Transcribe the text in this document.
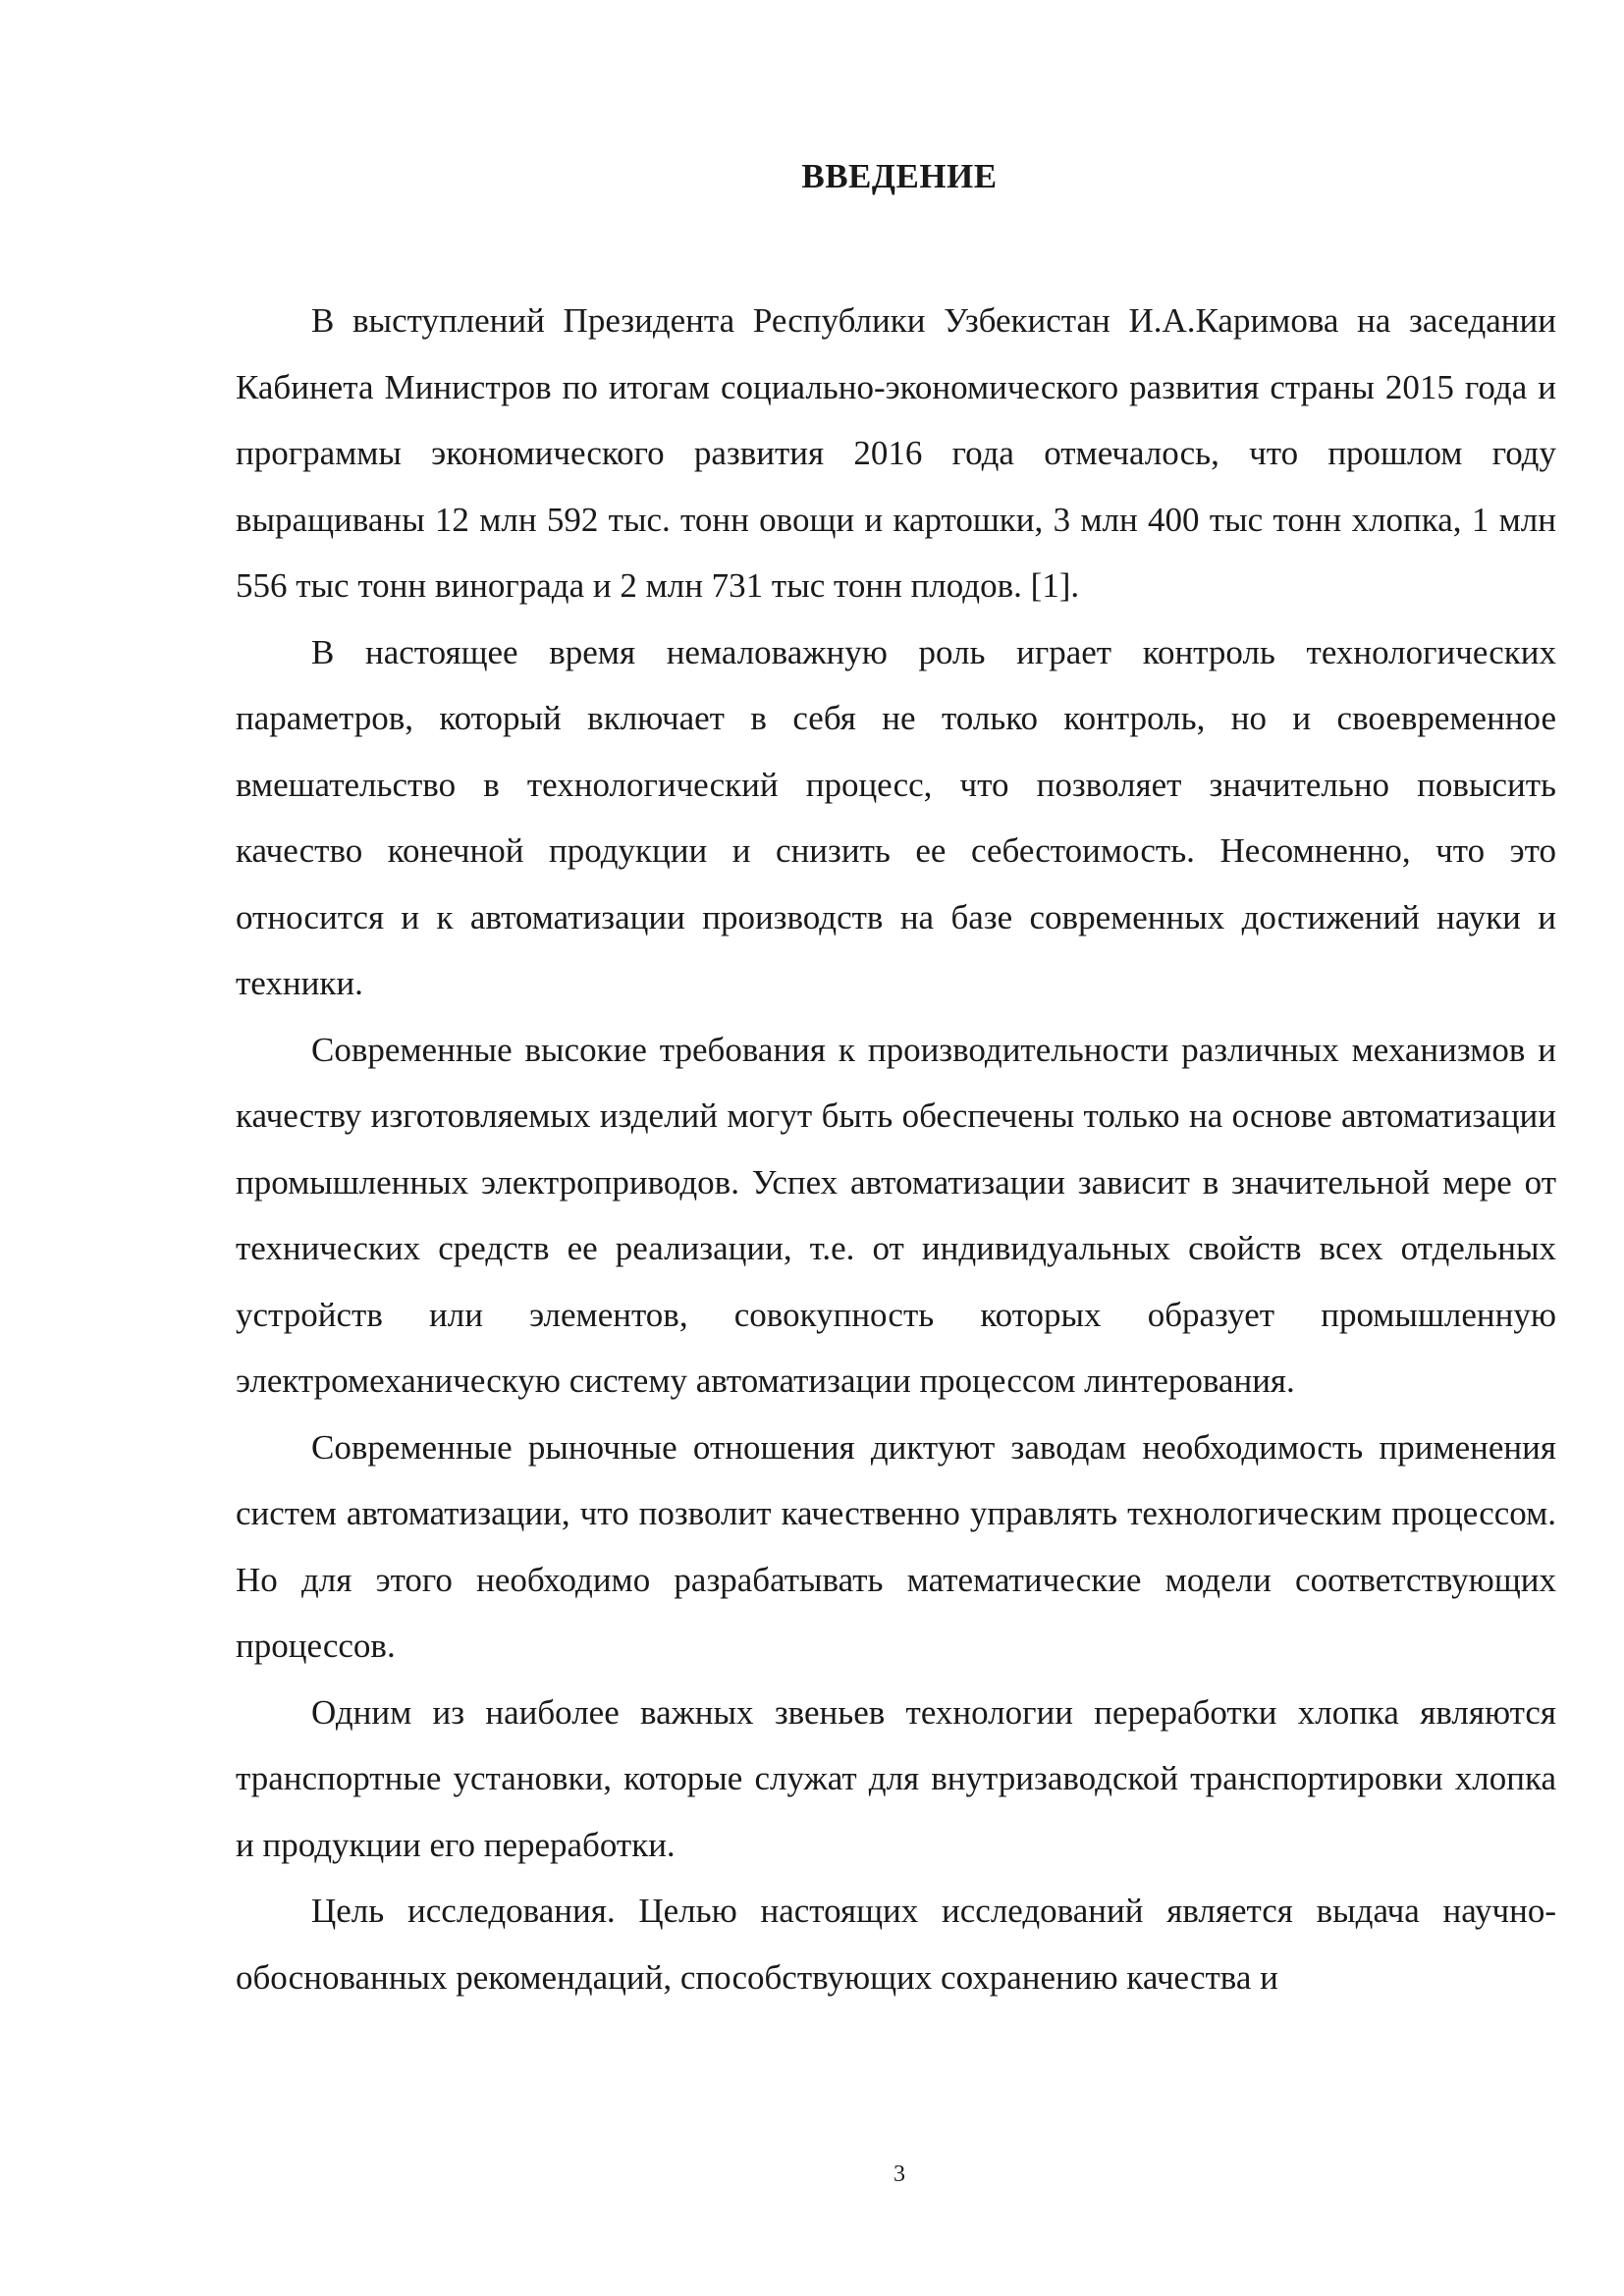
ВВЕДЕНИЕ

В выступлений Президента Республики Узбекистан И.А.Каримова на заседании Кабинета Министров по итогам социально-экономического развития страны 2015 года и программы экономического развития 2016 года отмечалось, что прошлом году выращиваны 12 млн 592 тыс. тонн овощи и картошки, 3 млн 400 тыс тонн хлопка, 1 млн 556 тыс тонн винограда и 2 млн 731 тыс тонн плодов. [1].

В настоящее время немаловажную роль играет контроль технологических параметров, который включает в себя не только контроль, но и своевременное вмешательство в технологический процесс, что позволяет значительно повысить качество конечной продукции и снизить ее себестоимость. Несомненно, что это относится и к автоматизации производств на базе современных достижений науки и техники.

Современные высокие требования к производительности различных механизмов и качеству изготовляемых изделий могут быть обеспечены только на основе автоматизации промышленных электроприводов. Успех автоматизации зависит в значительной мере от технических средств ее реализации, т.е. от индивидуальных свойств всех отдельных устройств или элементов, совокупность которых образует промышленную электромеханическую систему автоматизации процессом линтерования.

Современные рыночные отношения диктуют заводам необходимость применения систем автоматизации, что позволит качественно управлять технологическим процессом. Но для этого необходимо разрабатывать математические модели соответствующих процессов.

Одним из наиболее важных звеньев технологии переработки хлопка являются транспортные установки, которые служат для внутризаводской транспортировки хлопка и продукции его переработки.

Цель исследования. Целью настоящих исследований является выдача научно-обоснованных рекомендаций, способствующих сохранению качества и

3
